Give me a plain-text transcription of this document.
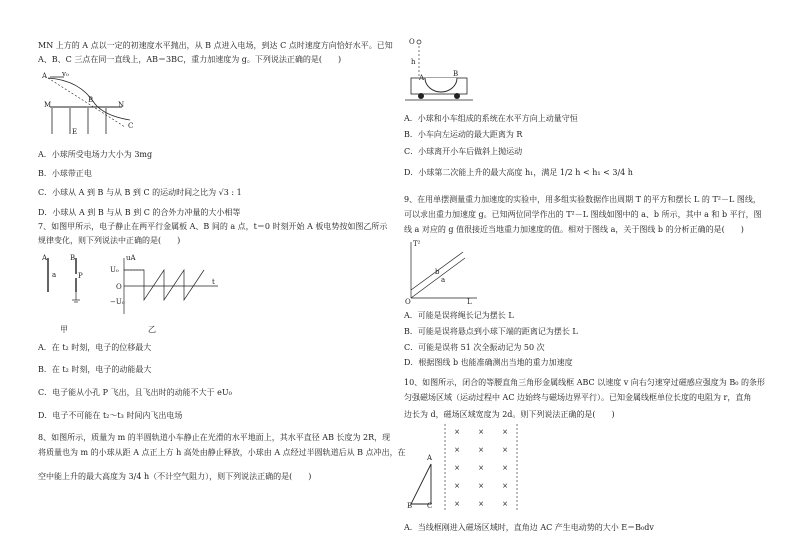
MN 上方的 A 点以一定的初速度水平抛出，从 B 点进入电场，到达 C 点时速度方向恰好水平。已知
A、B、C 三点在同一直线上，AB＝3BC，重力加速度为 g。下列说法正确的是(　　)
A v₀
M	N
B
E
C
A．小球所受电场力大小为 3mg
B．小球带正电
C．小球从 A 到 B 与从 B 到 C 的运动时间之比为 √3 : 1
D．小球从 A 到 B 与从 B 到 C 的合外力冲量的大小相等
7、如图甲所示，电子静止在两平行金属板 A、B 间的 a 点，t＝0 时刻开始 A 板电势按如图乙所示
规律变化，则下列说法中正确的是(　　)
A	B
P
a
甲
uA
U₀
−U₀
O
t
乙
A．在 t₂ 时刻，电子的位移最大
B．在 t₂ 时刻，电子的动能最大
C．电子能从小孔 P 飞出，且飞出时的动能不大于 eU₀
D．电子不可能在 t₂～t₃ 时间内飞出电场
8、如图所示，质量为 m 的半圆轨道小车静止在光滑的水平地面上，其水平直径 AB 长度为 2R，现
将质量也为 m 的小球从距 A 点正上方 h 高处由静止释放，小球由 A 点经过半圆轨道后从 B 点冲出，在
空中能上升的最大高度为 3/4 h（不计空气阻力），则下列说法正确的是(　　)
O
h
A	B
A．小球和小车组成的系统在水平方向上动量守恒
B．小车向左运动的最大距离为 R
C．小球离开小车后做斜上抛运动
D．小球第二次能上升的最大高度 h₁，满足 1/2 h < h₁ < 3/4 h
9、在用单摆测量重力加速度的实验中，用多组实验数据作出周期 T 的平方和摆长 L 的 T²－L 图线，
可以求出重力加速度 g。已知两位同学作出的 T²－L 图线如图中的 a、b 所示，其中 a 和 b 平行，图
线 a 对应的 g 值很接近当地重力加速度的值。相对于图线 a，关于图线 b 的分析正确的是(　　)
T²
L
O
b
a
A．可能是误将绳长记为摆长 L
B．可能是误将悬点到小球下端的距离记为摆长 L
C．可能是误将 51 次全振动记为 50 次
D．根据图线 b 也能准确测出当地的重力加速度
10、如图所示，闭合的等腰直角三角形金属线框 ABC 以速度 v 向右匀速穿过磁感应强度为 B₀ 的条形
匀强磁场区域（运动过程中 AC 边始终与磁场边界平行）。已知金属线框单位长度的电阻为 r，直角
边长为 d，磁场区域宽度为 2d。则下列说法正确的是(　　)
A
B C
×	×	×
×	×	×
×	×	×
×	×	×
×	×	×
A．当线框刚进入磁场区域时，直角边 AC 产生电动势的大小 E＝B₀dv
